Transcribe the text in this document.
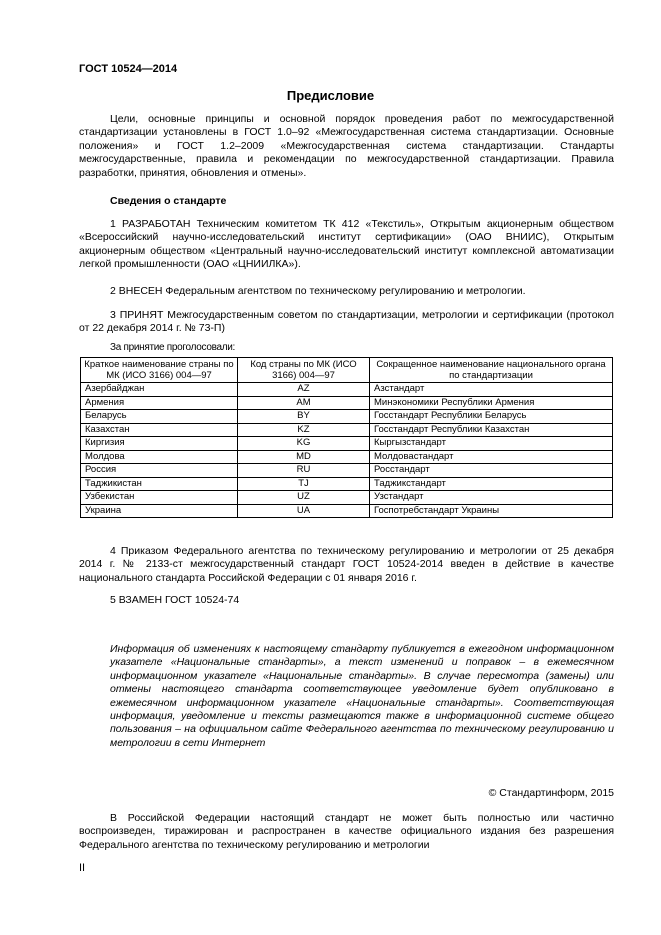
ГОСТ 10524—2014
Предисловие

Цели, основные принципы и основной порядок проведения работ по межгосударственной стандартизации установлены в ГОСТ 1.0–92 «Межгосударственная система стандартизации. Основные положения» и ГОСТ 1.2–2009 «Межгосударственная система стандартизации. Стандарты межгосударственные, правила и рекомендации по межгосударственной стандартизации. Правила разработки, принятия, обновления и отмены».

Сведения о стандарте

1 РАЗРАБОТАН Техническим комитетом ТК 412 «Текстиль», Открытым акционерным обществом «Всероссийский научно-исследовательский институт сертификации» (ОАО ВНИИС), Открытым акционерным обществом «Центральный научно-исследовательский институт комплексной автоматизации легкой промышленности (ОАО «ЦНИИЛКА»).

2 ВНЕСЕН Федеральным агентством по техническому регулированию и метрологии.

3 ПРИНЯТ Межгосударственным советом по стандартизации, метрологии и сертификации (протокол от 22 декабря 2014 г. № 73-П)

За принятие проголосовали:
Краткое наименование страны по МК (ИСО 3166) 004—97	Код страны по МК (ИСО 3166) 004—97	Сокращенное наименование национального органа по стандартизации
Азербайджан	AZ	Азстандарт
Армения	AM	Минэкономики Республики Армения
Беларусь	BY	Госстандарт Республики Беларусь
Казахстан	KZ	Госстандарт Республики Казахстан
Киргизия	KG	Кыргызстандарт
Молдова	MD	Молдовастандарт
Россия	RU	Росстандарт
Таджикистан	TJ	Таджикстандарт
Узбекистан	UZ	Узстандарт
Украина	UA	Госпотребстандарт Украины

4 Приказом Федерального агентства по техническому регулированию и метрологии от 25 декабря 2014 г. № 2133-ст межгосударственный стандарт ГОСТ 10524-2014 введен в действие в качестве национального стандарта Российской Федерации с 01 января 2016 г.

5 ВЗАМЕН ГОСТ 10524-74

Информация об изменениях к настоящему стандарту публикуется в ежегодном информационном указателе «Национальные стандарты», а текст изменений и поправок – в ежемесячном информационном указателе «Национальные стандарты». В случае пересмотра (замены) или отмены настоящего стандарта соответствующее уведомление будет опубликовано в ежемесячном информационном указателе «Национальные стандарты». Соответствующая информация, уведомление и тексты размещаются также в информационной системе общего пользования – на официальном сайте Федерального агентства по техническому регулированию и метрологии в сети Интернет

© Стандартинформ, 2015

В Российской Федерации настоящий стандарт не может быть полностью или частично воспроизведен, тиражирован и распространен в качестве официального издания без разрешения Федерального агентства по техническому регулированию и метрологии

II
